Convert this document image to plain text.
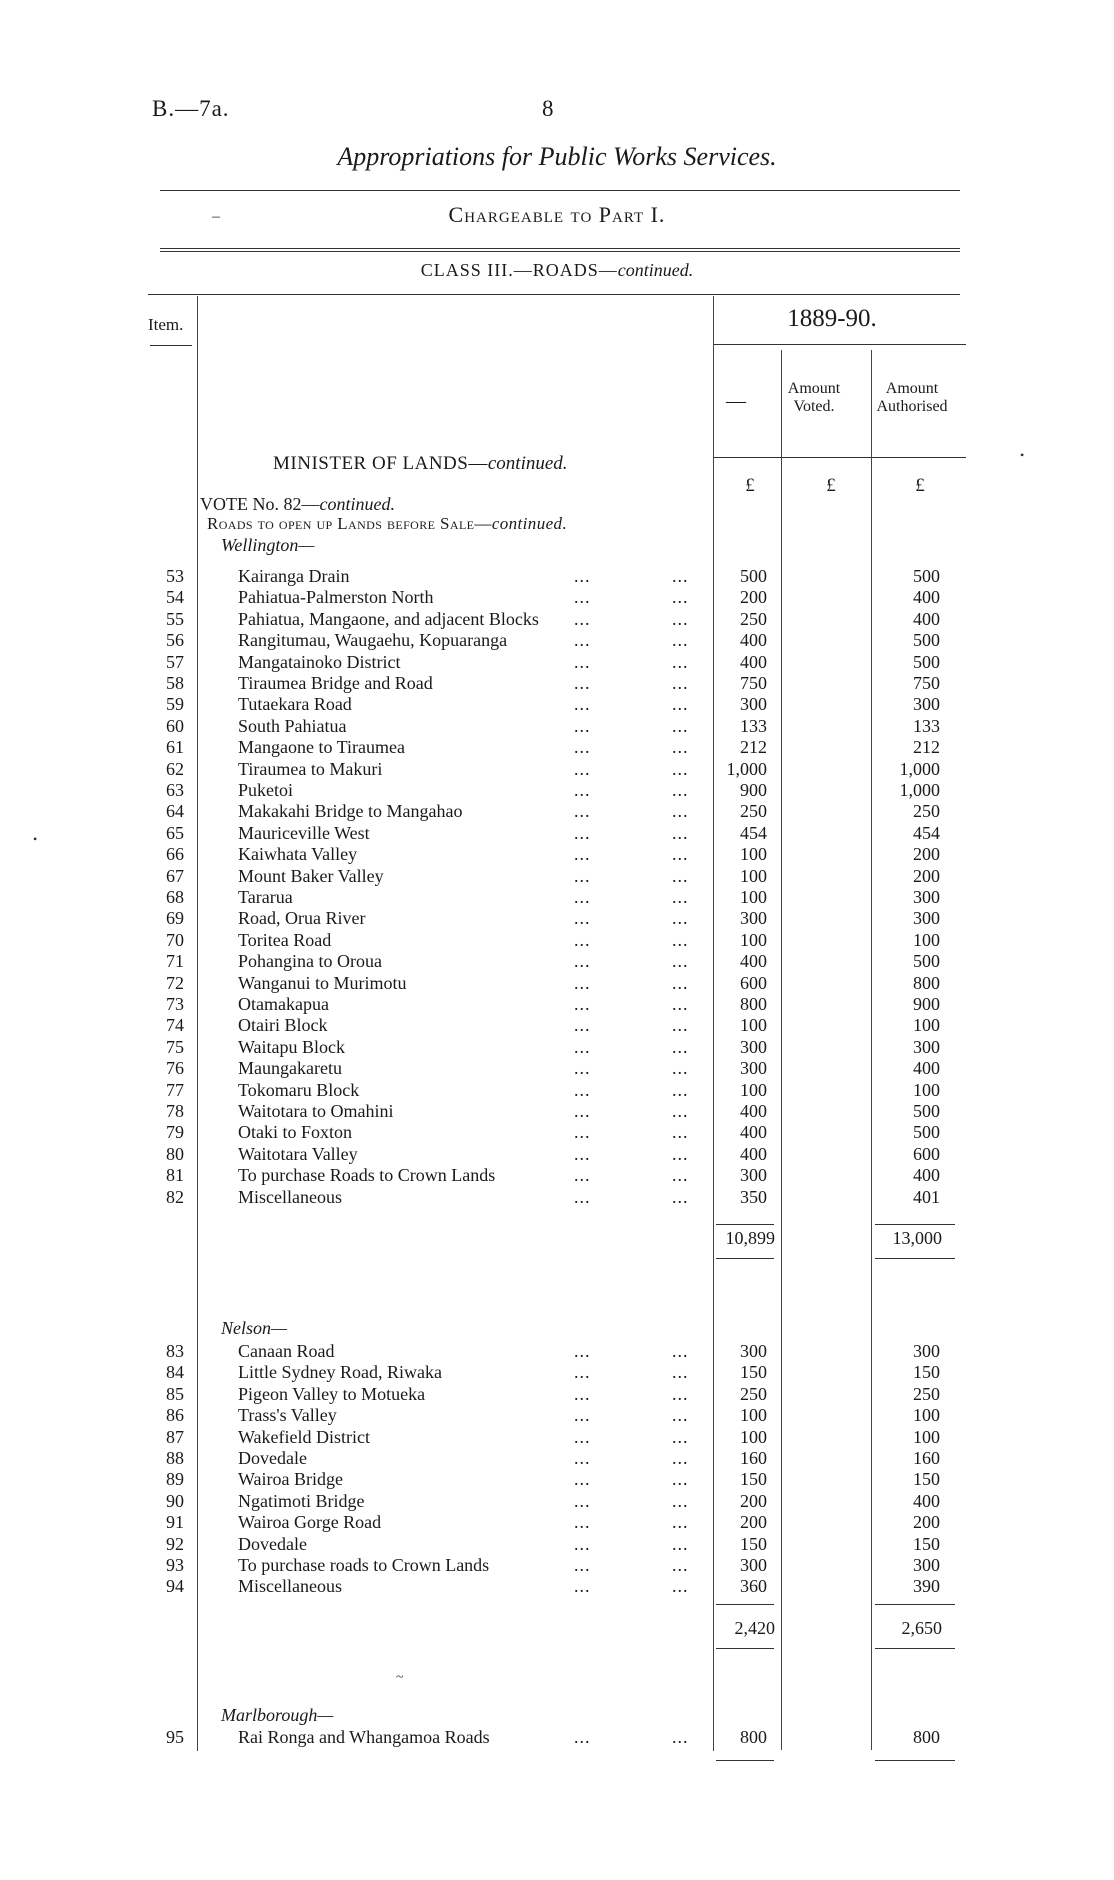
B.—7a.	8
Appropriations for Public Works Services.
‒	Chargeable to Part I.
CLASS III.—ROADS—continued.
Item.	1889-90.
—
Amount Voted.
Amount Authorised
•
•
MINISTER OF LANDS—continued.
£	£	£
VOTE No. 82—continued.
Roads to open up Lands before Sale—continued.
Wellington—
53	Kairanga Drain	...	...	500	500
54	Pahiatua-Palmerston North	...	...	200	400
55	Pahiatua, Mangaone, and adjacent Blocks ...	...	250	400
56	Rangitumau, Waugaehu, Kopuaranga	...	...	400	500
57	Mangatainoko District	...	...	400	500
58	Tiraumea Bridge and Road	...	...	750	750
59	Tutaekara Road	...	...	300	300
60	South Pahiatua	...	...	133	133
61	Mangaone to Tiraumea	...	...	212	212
62	Tiraumea to Makuri	...	...	1,000	1,000
63	Puketoi	...	...	900	1,000
64	Makakahi Bridge to Mangahao	...	...	250	250
65	Mauriceville West	...	...	454	454
66	Kaiwhata Valley	...	...	100	200
67	Mount Baker Valley	...	...	100	200
68	Tararua	...	...	100	300
69	Road, Orua River	...	...	300	300
70	Toritea Road	...	...	100	100
71	Pohangina to Oroua	...	...	400	500
72	Wanganui to Murimotu	...	...	600	800
73	Otamakapua	...	...	800	900
74	Otairi Block	...	...	100	100
75	Waitapu Block	...	...	300	300
76	Maungakaretu	...	...	300	400
77	Tokomaru Block	...	...	100	100
78	Waitotara to Omahini	...	...	400	500
79	Otaki to Foxton	...	...	400	500
80	Waitotara Valley	...	...	400	600
81	To purchase Roads to Crown Lands	...	...	300	400
82	Miscellaneous	...	...	350	401
10,899	13,000
Nelson—
83	Canaan Road	...	...	300	300
84	Little Sydney Road, Riwaka	...	...	150	150
85	Pigeon Valley to Motueka	...	...	250	250
86	Trass's Valley	...	...	100	100
87	Wakefield District	...	...	100	100
88	Dovedale	...	...	160	160
89	Wairoa Bridge	...	...	150	150
90	Ngatimoti Bridge	...	...	200	400
91	Wairoa Gorge Road	...	...	200	200
92	Dovedale	...	...	150	150
93	To purchase roads to Crown Lands	...	...	300	300
94	Miscellaneous	...	...	360	390
2,420	2,650
~
Marlborough—
95	Rai Ronga and Whangamoa Roads	...	...	800	800
